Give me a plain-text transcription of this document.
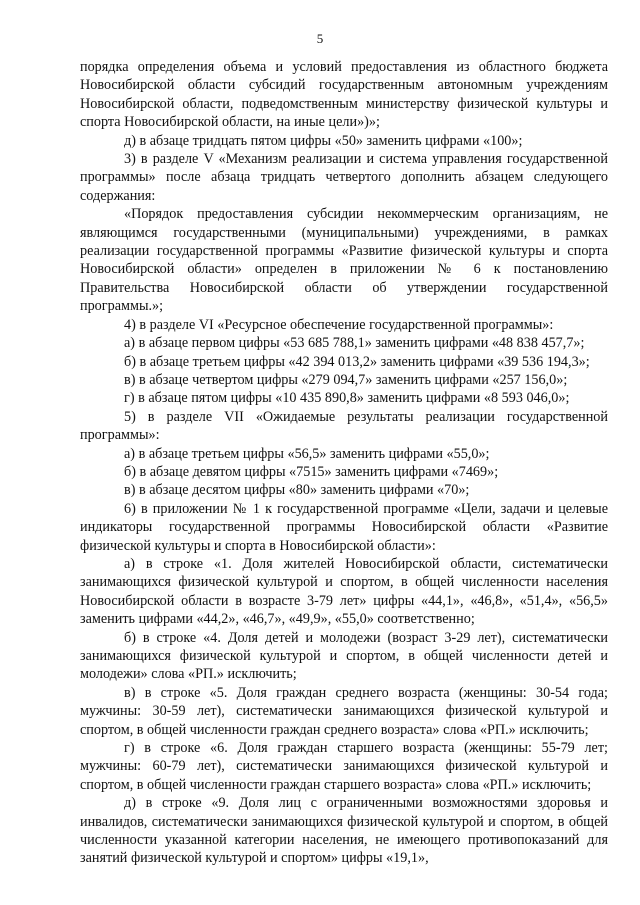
5

порядка определения объема и условий предоставления из областного бюджета Новосибирской области субсидий государственным автономным учреждениям Новосибирской области, подведомственным министерству физической культуры и спорта Новосибирской области, на иные цели»)»;

д) в абзаце тридцать пятом цифры «50» заменить цифрами «100»;

3) в разделе V «Механизм реализации и система управления государственной программы» после абзаца тридцать четвертого дополнить абзацем следующего содержания:

«Порядок предоставления субсидии некоммерческим организациям, не являющимся государственными (муниципальными) учреждениями, в рамках реализации государственной программы «Развитие физической культуры и спорта Новосибирской области» определен в приложении № 6 к постановлению Правительства Новосибирской области об утверждении государственной программы.»;

4) в разделе VI «Ресурсное обеспечение государственной программы»:

а) в абзаце первом цифры «53 685 788,1» заменить цифрами «48 838 457,7»;

б) в абзаце третьем цифры «42 394 013,2» заменить цифрами «39 536 194,3»;

в) в абзаце четвертом цифры «279 094,7» заменить цифрами «257 156,0»;

г) в абзаце пятом цифры «10 435 890,8» заменить цифрами «8 593 046,0»;

5) в разделе VII «Ожидаемые результаты реализации государственной программы»:

а) в абзаце третьем цифры «56,5» заменить цифрами «55,0»;

б) в абзаце девятом цифры «7515» заменить цифрами «7469»;

в) в абзаце десятом цифры «80» заменить цифрами «70»;

6) в приложении № 1 к государственной программе «Цели, задачи и целевые индикаторы государственной программы Новосибирской области «Развитие физической культуры и спорта в Новосибирской области»:

а) в строке «1. Доля жителей Новосибирской области, систематически занимающихся физической культурой и спортом, в общей численности населения Новосибирской области в возрасте 3-79 лет» цифры «44,1», «46,8», «51,4», «56,5» заменить цифрами «44,2», «46,7», «49,9», «55,0» соответственно;

б) в строке «4. Доля детей и молодежи (возраст 3-29 лет), систематически занимающихся физической культурой и спортом, в общей численности детей и молодежи» слова «РП.» исключить;

в) в строке «5. Доля граждан среднего возраста (женщины: 30-54 года; мужчины: 30-59 лет), систематически занимающихся физической культурой и спортом, в общей численности граждан среднего возраста» слова «РП.» исключить;

г) в строке «6. Доля граждан старшего возраста (женщины: 55-79 лет; мужчины: 60-79 лет), систематически занимающихся физической культурой и спортом, в общей численности граждан старшего возраста» слова «РП.» исключить;

д) в строке «9. Доля лиц с ограниченными возможностями здоровья и инвалидов, систематически занимающихся физической культурой и спортом, в общей численности указанной категории населения, не имеющего противопоказаний для занятий физической культурой и спортом» цифры «19,1»,
